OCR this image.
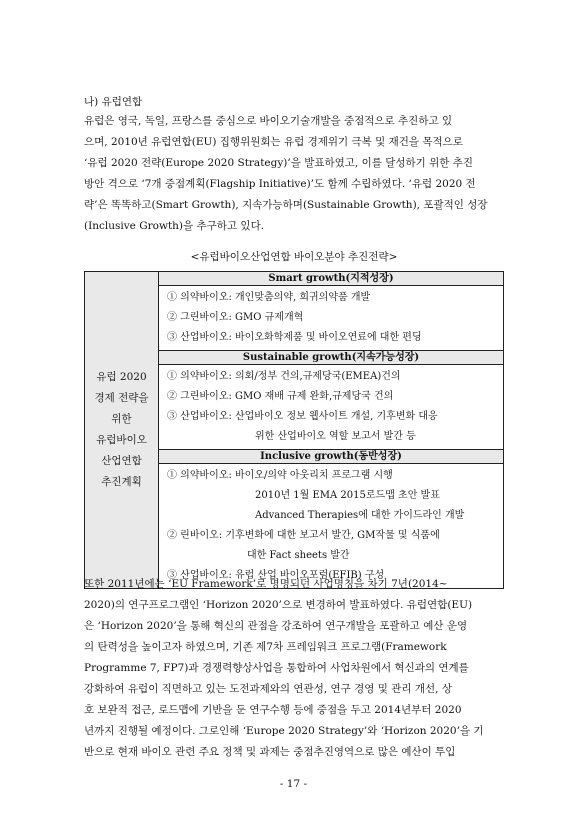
나) 유럽연합
유럽은 영국, 독일, 프랑스를 중심으로 바이오기술개발을 중점적으로 추진하고 있
으며, 2010년 유럽연합(EU) 집행위원회는 유럽 경제위기 극복 및 재건을 목적으로
‘유럽 2020 전략(Europe 2020 Strategy)’을 발표하였고, 이를 달성하기 위한 추진
방안 격으로 ‘7개 중점계획(Flagship Initiative)’도 함께 수립하였다. ‘유럽 2020 전
략’은 똑똑하고(Smart Growth), 지속가능하며(Sustainable Growth), 포괄적인 성장
(Inclusive Growth)을 추구하고 있다.
<유럽바이오산업연합 바이오분야 추진전략>
유럽 2020
경제 전략을
위한
유럽바이오
산업연합
추진계획
	Smart growth(지적성장)

① 의약바이오: 개인맞춤의약, 희귀의약품 개발
② 그린바이오: GMO 규제개혁
③ 산업바이오: 바이오화학제품 및 바이오연료에 대한 편딩

Sustainable growth(지속가능성장)

① 의약바이오: 의회/정부 건의,규제당국(EMEA)건의
② 그린바이오: GMO 재배 규제 완화,규제당국 건의
③ 산업바이오: 산업바이오 정보 웹사이트 개설, 기후변화 대응
위한 산업바이오 역할 보고서 발간 등

Inclusive growth(동반성장)

① 의약바이오: 바이오/의약 아웃리치 프로그램 시행
2010년 1월 EMA 2015로드맵 초안 발표
Advanced Therapies에 대한 가이드라인 개발
② 린바이오: 기후변화에 대한 보고서 발간, GM작물 및 식품에
대한 Fact sheets 발간
③ 산업바이오: 유럽 산업 바이오포럼(EFIB) 구성
또한 2011년에는 ‘EU Framework’로 명명되던 사업명칭을 차기 7년(2014~
2020)의 연구프로그램인 ‘Horizon 2020’으로 변경하여 발표하였다. 유럽연합(EU)
은 ‘Horizon 2020’을 통해 혁신의 관점을 강조하여 연구개발을 포괄하고 예산 운영
의 탄력성을 높이고자 하였으며, 기존 제7차 프레임워크 프로그램(Framework
Programme 7, FP7)과 경쟁력향상사업을 통합하여 사업차원에서 혁신과의 연계를
강화하여 유럽이 직면하고 있는 도전과제와의 연관성, 연구 경영 및 관리 개선, 상
호 보완적 접근, 로드맵에 기반을 둔 연구수행 등에 중점을 두고 2014년부터 2020
년까지 진행될 예정이다. 그로인해 ‘Europe 2020 Strategy’와 ‘Horizon 2020’을 기
반으로 현재 바이오 관련 주요 정책 및 과제는 중점추진영역으로 많은 예산이 투입
- 17 -
